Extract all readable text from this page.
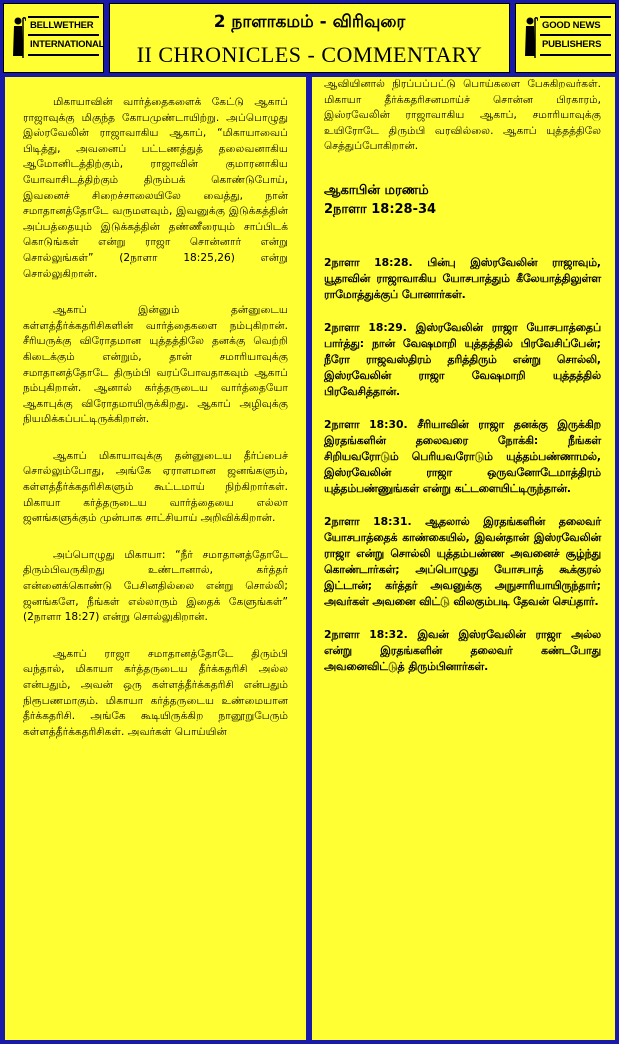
BELLWETHER
INTERNATIONAL
2 நாளாகமம் - விரிவுரை
II CHRONICLES - COMMENTARY
GOOD NEWS
PUBLISHERS

மிகாயாவின் வார்த்தைகளைக் கேட்டு ஆகாப் ராஜாவுக்கு மிகுந்த கோபமுண்டாயிற்று. அப்பொழுது இஸ்ரவேலின் ராஜாவாகிய ஆகாப், “மிகாயாவைப் பிடித்து, அவனைப் பட்டணத்துத் தலைவனாகிய ஆமோனிடத்திற்கும், ராஜாவின் குமாரனாகிய யோவாசிடத்திற்கும் திரும்பக் கொண்டுபோய், இவனைச் சிறைச்சாலையிலே வைத்து, நான் சமாதானத்தோடே வருமளவும், இவனுக்கு இடுக்கத்தின் அப்பத்தையும் இடுக்கத்தின் தண்ணீரையும் சாப்பிடக் கொடுங்கள் என்று ராஜா சொன்னார் என்று சொல்லுங்கள்” (2நாளா 18:25,26) என்று சொல்லுகிறான்.

ஆகாப் இன்னும் தன்னுடைய கள்ளத்தீர்க்கதரிசிகளின் வார்த்தைகளை நம்புகிறான். சீரியருக்கு விரோதமான யுத்தத்திலே தனக்கு வெற்றி கிடைக்கும் என்றும், தான் சமாரியாவுக்கு சமாதானத்தோடே திரும்பி வரப்போவதாகவும் ஆகாப் நம்புகிறான். ஆனால் கர்த்தருடைய வார்த்தையோ ஆகாபுக்கு விரோதமாயிருக்கிறது. ஆகாப் அழிவுக்கு நியமிக்கப்பட்டிருக்கிறான்.

ஆகாப் மிகாயாவுக்கு தன்னுடைய தீர்ப்பைச் சொல்லும்போது, அங்கே ஏராளமான ஜனங்களும், கள்ளத்தீர்க்கதரிசிகளும் கூட்டமாய் நிற்கிறார்கள். மிகாயா கர்த்தருடைய வார்த்தையை எல்லா ஜனங்களுக்கும் முன்பாக சாட்சியாய் அறிவிக்கிறான்.

அப்பொழுது மிகாயா: “நீர் சமாதானத்தோடே திரும்பிவருகிறது உண்டானால், கர்த்தர் என்னைக்கொண்டு பேசினதில்லை என்று சொல்லி; ஜனங்களே, நீங்கள் எல்லாரும் இதைக் கேளுங்கள்” (2நாளா 18:27) என்று சொல்லுகிறான்.

ஆகாப் ராஜா சமாதானத்தோடே திரும்பி வந்தால், மிகாயா கர்த்தருடைய தீர்க்கதரிசி அல்ல என்பதும், அவன் ஒரு கள்ளத்தீர்க்கதரிசி என்பதும் நிரூபணமாகும். மிகாயா கர்த்தருடைய உண்மையான தீர்க்கதரிசி. அங்கே கூடியிருக்கிற நானூறுபேரும் கள்ளத்தீர்க்கதரிசிகள். அவர்கள் பொய்யின்

ஆவியினால் நிரப்பப்பட்டு பொய்களை பேசுகிறவர்கள். மிகாயா தீர்க்கதரிசனமாய்ச் சொன்ன பிரகாரம், இஸ்ரவேலின் ராஜாவாகிய ஆகாப், சமாரியாவுக்கு உயிரோடே திரும்பி வரவில்லை. ஆகாப் யுத்தத்திலே செத்துப்போகிறான்.

ஆகாபின் மரணம்
2நாளா 18:28-34

2நாளா 18:28. பின்பு இஸ்ரவேலின் ராஜாவும், யூதாவின் ராஜாவாகிய யோசபாத்தும் கீலேயாத்திலுள்ள ராமோத்துக்குப் போனார்கள்.

2நாளா 18:29. இஸ்ரவேலின் ராஜா யோசபாத்தைப் பார்த்து: நான் வேஷமாறி யுத்தத்தில் பிரவேசிப்பேன்; நீரோ ராஜவஸ்திரம் தரித்திரும் என்று சொல்லி, இஸ்ரவேலின் ராஜா வேஷமாறி யுத்தத்தில் பிரவேசித்தான்.

2நாளா 18:30. சீரியாவின் ராஜா தனக்கு இருக்கிற இரதங்களின் தலைவரை நோக்கி: நீங்கள் சிறியவரோடும் பெரியவரோடும் யுத்தம்பண்ணாமல், இஸ்ரவேலின் ராஜா ஒருவனோடேமாத்திரம் யுத்தம்பண்ணுங்கள் என்று கட்டளையிட்டிருந்தான்.

2நாளா 18:31. ஆதலால் இரதங்களின் தலைவர் யோசபாத்தைக் காண்கையில், இவன்தான் இஸ்ரவேலின் ராஜா என்று சொல்லி யுத்தம்பண்ண அவனைச் சூழ்ந்து கொண்டார்கள்; அப்பொழுது யோசபாத் கூக்குரல் இட்டான்; கர்த்தர் அவனுக்கு அநுசாரியாயிருந்தார்; அவர்கள் அவனை விட்டு விலகும்படி தேவன் செய்தார்.

2நாளா 18:32. இவன் இஸ்ரவேலின் ராஜா அல்ல என்று இரதங்களின் தலைவர் கண்டபோது அவனைவிட்டுத் திரும்பினார்கள்.
